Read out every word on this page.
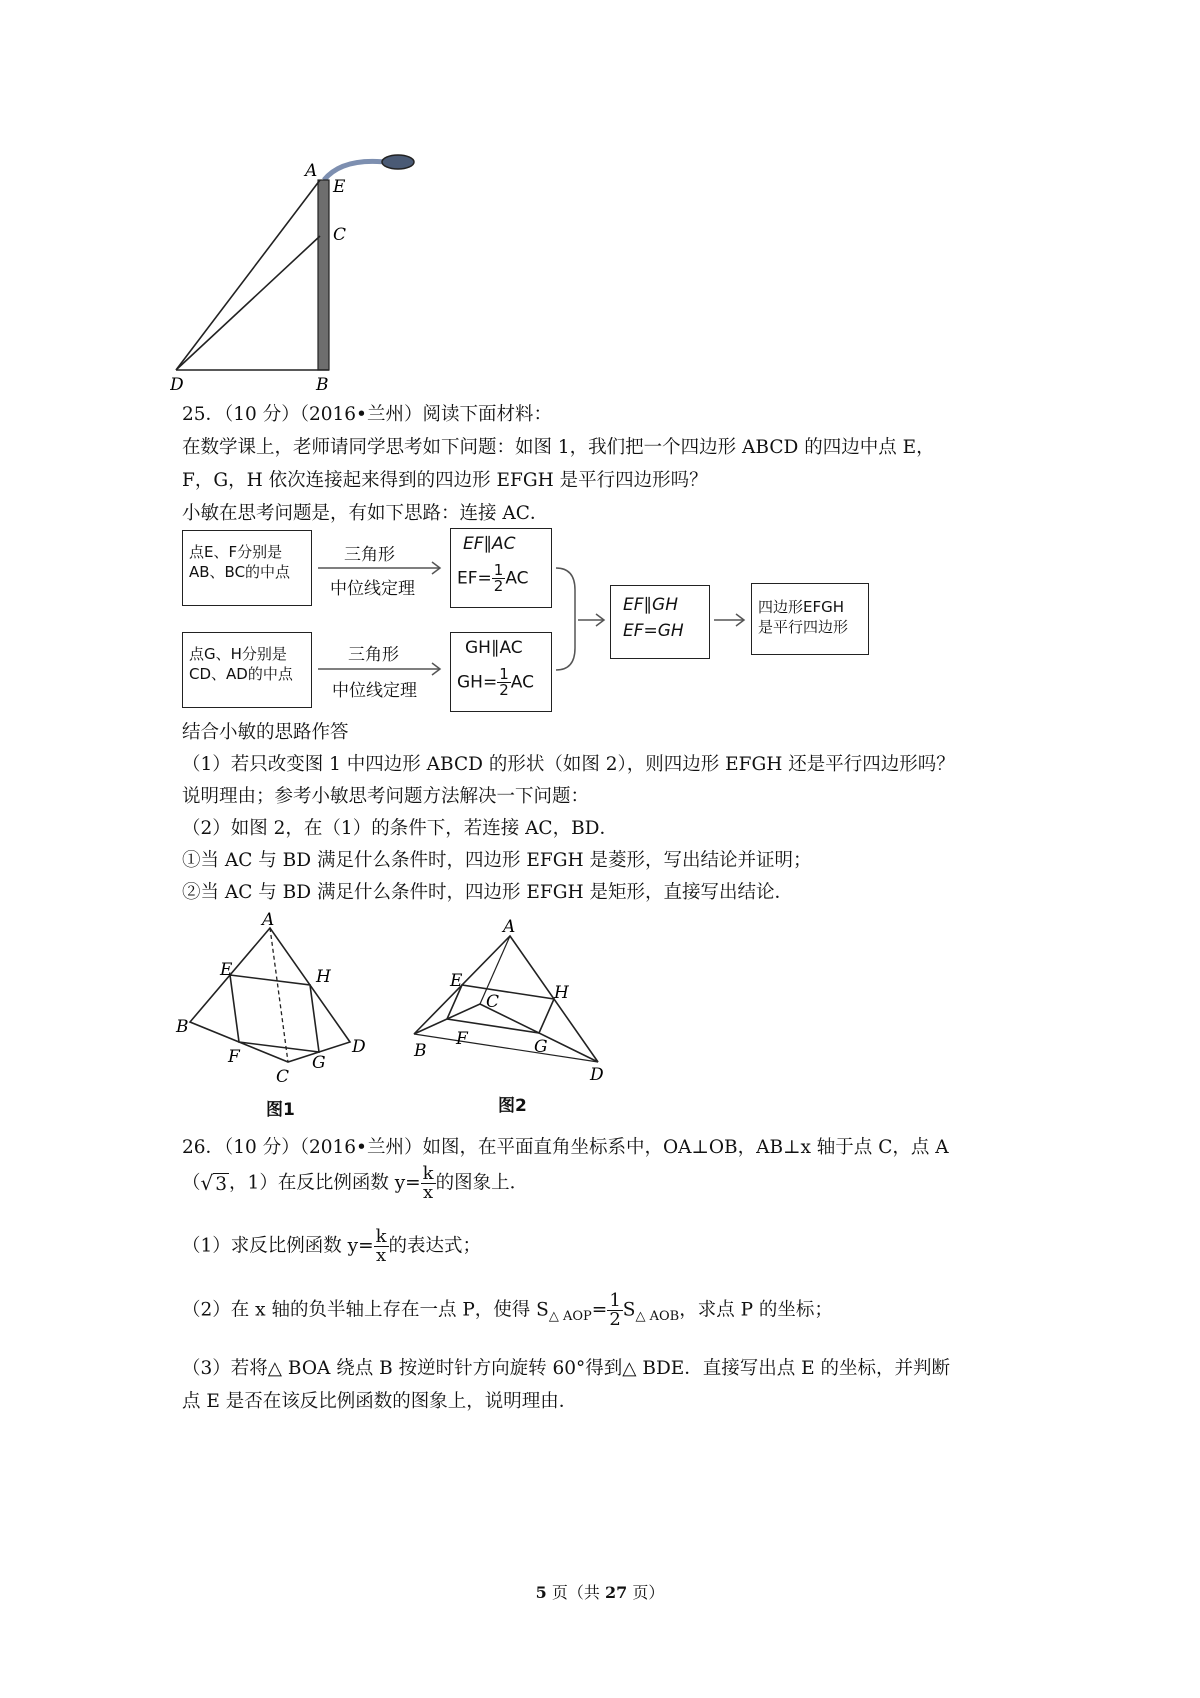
A
E
C
D	B
25．（10 分）（2016•兰州）阅读下面材料：
在数学课上，老师请同学思考如下问题：如图 1，我们把一个四边形 ABCD 的四边中点 E，
F，G，H 依次连接起来得到的四边形 EFGH 是平行四边形吗？
小敏在思考问题是，有如下思路：连接 AC．
点E、F分别是
AB、BC的中点
点G、H分别是
CD、AD的中点
三角形
中位线定理
三角形
中位线定理
EF∥AC
$EF= \frac{1}{2}$ AC
GH∥AC
$GH= \frac{1}{2}$ AC
EF∥GH
EF=GH
四边形EFGH
是平行四边形
结合小敏的思路作答
（1）若只改变图 1 中四边形 ABCD 的形状（如图 2），则四边形 EFGH 还是平行四边形吗？
说明理由；参考小敏思考问题方法解决一下问题：
（2）如图 2，在（1）的条件下，若连接 AC，BD．
①当 AC 与 BD 满足什么条件时，四边形 EFGH 是菱形，写出结论并证明；
②当 AC 与 BD 满足什么条件时，四边形 EFGH 是矩形，直接写出结论．
A
E	H
B
F	G
C
D
A
E
C	H
F	G
B
D
图1	图2
26．（10 分）（2016•兰州）如图，在平面直角坐标系中，OA⊥OB，AB⊥x 轴于点 C，点 A
（√ 3 ，1）在反比例函数 $y= \frac{k}{x}$ 的图象上．
（1）求反比例函数 $y= \frac{k}{x}$ 的表达式；
（2）在 x 轴的负半轴上存在一点 P，使得 $S_{\triangle AOP}= \frac{1}{2} S_{\triangle AOB}$，求点 P 的坐标；
（3）若将△ BOA 绕点 B 按逆时针方向旋转 60°得到△ BDE．直接写出点 E 的坐标，并判断
点 E 是否在该反比例函数的图象上，说明理由．
5 页（共 27 页）
